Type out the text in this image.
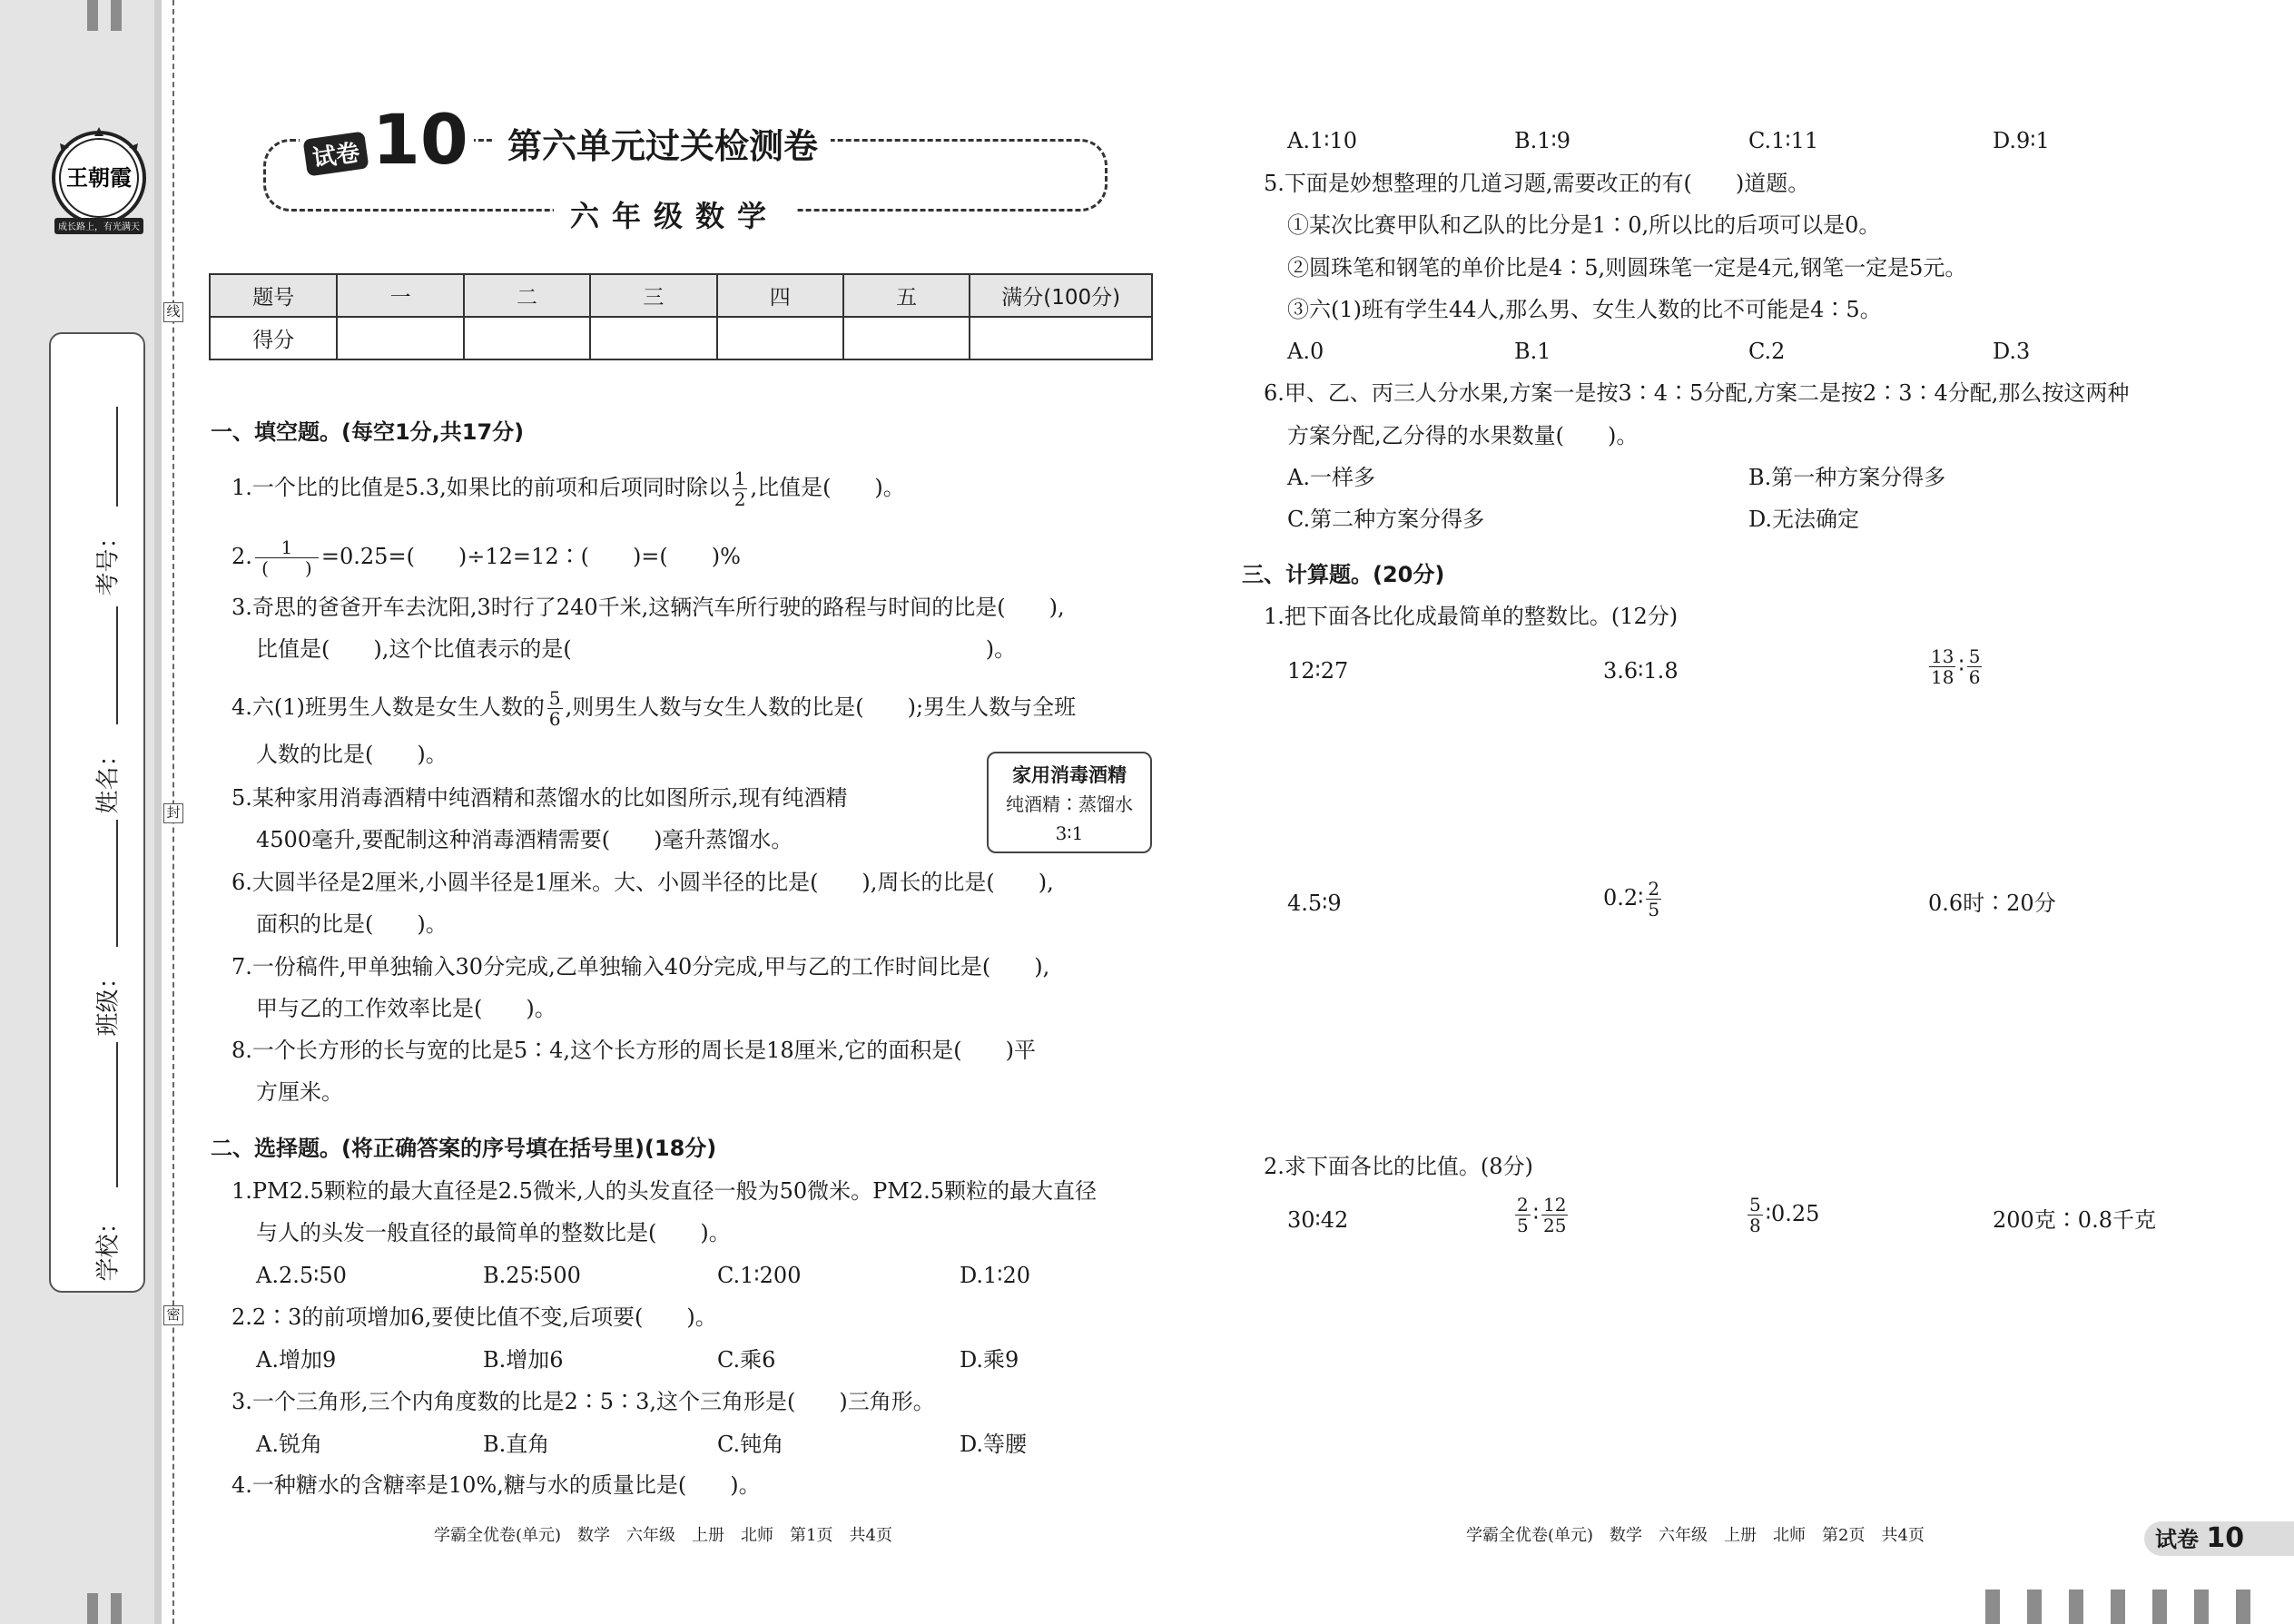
王朝霞
成长路上，有光满天
考号：
姓名：
班级：
学校：
线
封
密
试卷 10	第六单元过关检测卷
六年级数学
题号	一	二	三	四	五	满分(100分)
得分						
一、填空题。(每空1分,共17分)
1.一个比的比值是5.3,如果比的前项和后项同时除以 $\frac{1}{2}$ ,比值是(　　)。
2. $\frac{1}{( )} =0.25=$(　　)÷12=12∶(　　)=(　　)%
3.奇思的爸爸开车去沈阳,3时行了240千米,这辆汽车所行驶的路程与时间的比是(　　),
比值是(　　),这个比值表示的是(　　　　　　　　　　　　　　　　　　　)。
4.六(1)班男生人数是女生人数的 $\frac{5}{6}$ ,则男生人数与女生人数的比是(　　);男生人数与全班
人数的比是(　　)。
5.某种家用消毒酒精中纯酒精和蒸馏水的比如图所示,现有纯酒精
4500毫升,要配制这种消毒酒精需要(　　)毫升蒸馏水。
家用消毒酒精
纯酒精∶蒸馏水
3∶1
6.大圆半径是2厘米,小圆半径是1厘米。大、小圆半径的比是(　　),周长的比是(　　),
面积的比是(　　)。
7.一份稿件,甲单独输入30分完成,乙单独输入40分完成,甲与乙的工作时间比是(　　),
甲与乙的工作效率比是(　　)。
8.一个长方形的长与宽的比是5∶4,这个长方形的周长是18厘米,它的面积是(　　)平
方厘米。
二、选择题。(将正确答案的序号填在括号里)(18分)
1.PM2.5颗粒的最大直径是2.5微米,人的头发直径一般为50微米。PM2.5颗粒的最大直径
与人的头发一般直径的最简单的整数比是(　　)。
A.2.5∶50	B.25∶500	C.1∶200	D.1∶20
2.2∶3的前项增加6,要使比值不变,后项要(　　)。
A.增加9	B.增加6	C.乘6	D.乘9
3.一个三角形,三个内角度数的比是2∶5∶3,这个三角形是(　　)三角形。
A.锐角	B.直角	C.钝角	D.等腰
4.一种糖水的含糖率是10%,糖与水的质量比是(　　)。
学霸全优卷(单元)　数学　六年级　上册　北师　第1页　共4页
A.1∶10	B.1∶9	C.1∶11	D.9∶1
5.下面是妙想整理的几道习题,需要改正的有(　　)道题。
①某次比赛甲队和乙队的比分是1∶0,所以比的后项可以是0。
②圆珠笔和钢笔的单价比是4∶5,则圆珠笔一定是4元,钢笔一定是5元。
③六(1)班有学生44人,那么男、女生人数的比不可能是4∶5。
A.0	B.1	C.2	D.3
6.甲、乙、丙三人分水果,方案一是按3∶4∶5分配,方案二是按2∶3∶4分配,那么按这两种
方案分配,乙分得的水果数量(　　)。
A.一样多	B.第一种方案分得多
C.第二种方案分得多	D.无法确定
三、计算题。(20分)
1.把下面各比化成最简单的整数比。(12分)
12∶27	3.6∶1.8	$\frac{13}{18}$ ∶ $\frac{5}{6}$
4.5∶9	0.2∶ $\frac{2}{5}$	0.6时∶20分
2.求下面各比的比值。(8分)
30∶42	$\frac{2}{5}$ ∶ $\frac{12}{25}$	$\frac{5}{8}$ ∶0.25	200克∶0.8千克
学霸全优卷(单元)　数学　六年级　上册　北师　第2页　共4页	试卷 10
